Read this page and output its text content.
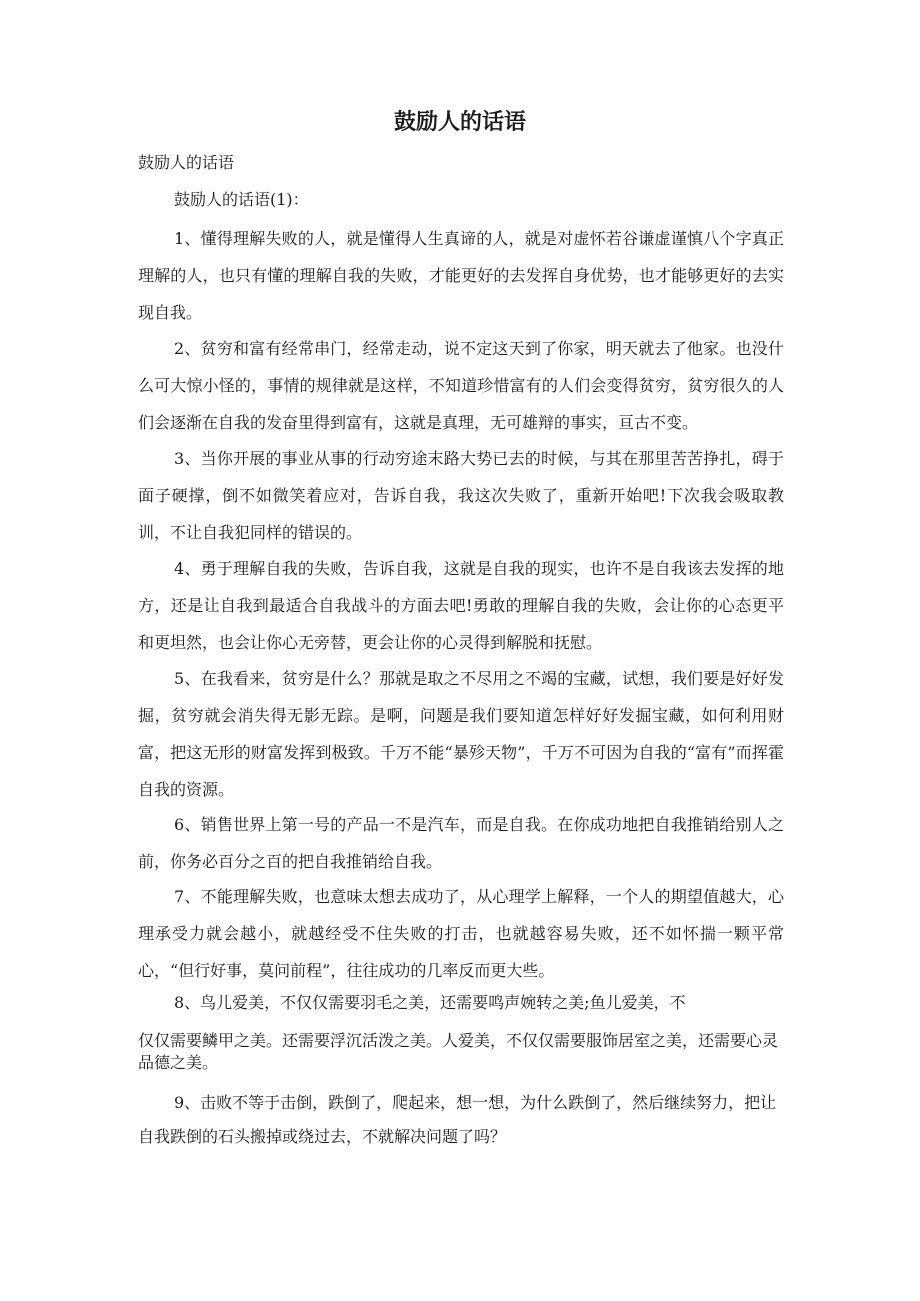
鼓励人的话语

鼓励人的话语

鼓励人的话语(1)：

1、懂得理解失败的人，就是懂得人生真谛的人，就是对虚怀若谷谦虚谨慎八个字真正理解的人，也只有懂的理解自我的失败，才能更好的去发挥自身优势，也才能够更好的去实现自我。

2、贫穷和富有经常串门，经常走动，说不定这天到了你家，明天就去了他家。也没什么可大惊小怪的，事情的规律就是这样，不知道珍惜富有的人们会变得贫穷，贫穷很久的人们会逐渐在自我的发奋里得到富有，这就是真理，无可雄辩的事实，亘古不变。

3、当你开展的事业从事的行动穷途末路大势已去的时候，与其在那里苦苦挣扎，碍于面子硬撑，倒不如微笑着应对，告诉自我，我这次失败了，重新开始吧!下次我会吸取教训，不让自我犯同样的错误的。

4、勇于理解自我的失败，告诉自我，这就是自我的现实，也许不是自我该去发挥的地方，还是让自我到最适合自我战斗的方面去吧!勇敢的理解自我的失败，会让你的心态更平和更坦然，也会让你心无旁替，更会让你的心灵得到解脱和抚慰。

5、在我看来，贫穷是什么？那就是取之不尽用之不竭的宝藏，试想，我们要是好好发掘，贫穷就会消失得无影无踪。是啊，问题是我们要知道怎样好好发掘宝藏，如何利用财富，把这无形的财富发挥到极致。千万不能“暴殄天物”，千万不可因为自我的“富有”而挥霍自我的资源。

6、销售世界上第一号的产品一不是汽车，而是自我。在你成功地把自我推销给别人之前，你务必百分之百的把自我推销给自我。

7、不能理解失败，也意味太想去成功了，从心理学上解释，一个人的期望值越大，心理承受力就会越小，就越经受不住失败的打击，也就越容易失败，还不如怀揣一颗平常心，“但行好事，莫问前程”，往往成功的几率反而更大些。

8、鸟儿爱美，不仅仅需要羽毛之美，还需要鸣声婉转之美;鱼儿爱美，不

仅仅需要鳞甲之美。还需要浮沉活泼之美。人爱美，不仅仅需要服饰居室之美，还需要心灵品德之美。

9、击败不等于击倒，跌倒了，爬起来，想一想，为什么跌倒了，然后继续努力，把让自我跌倒的石头搬掉或绕过去，不就解决问题了吗？
